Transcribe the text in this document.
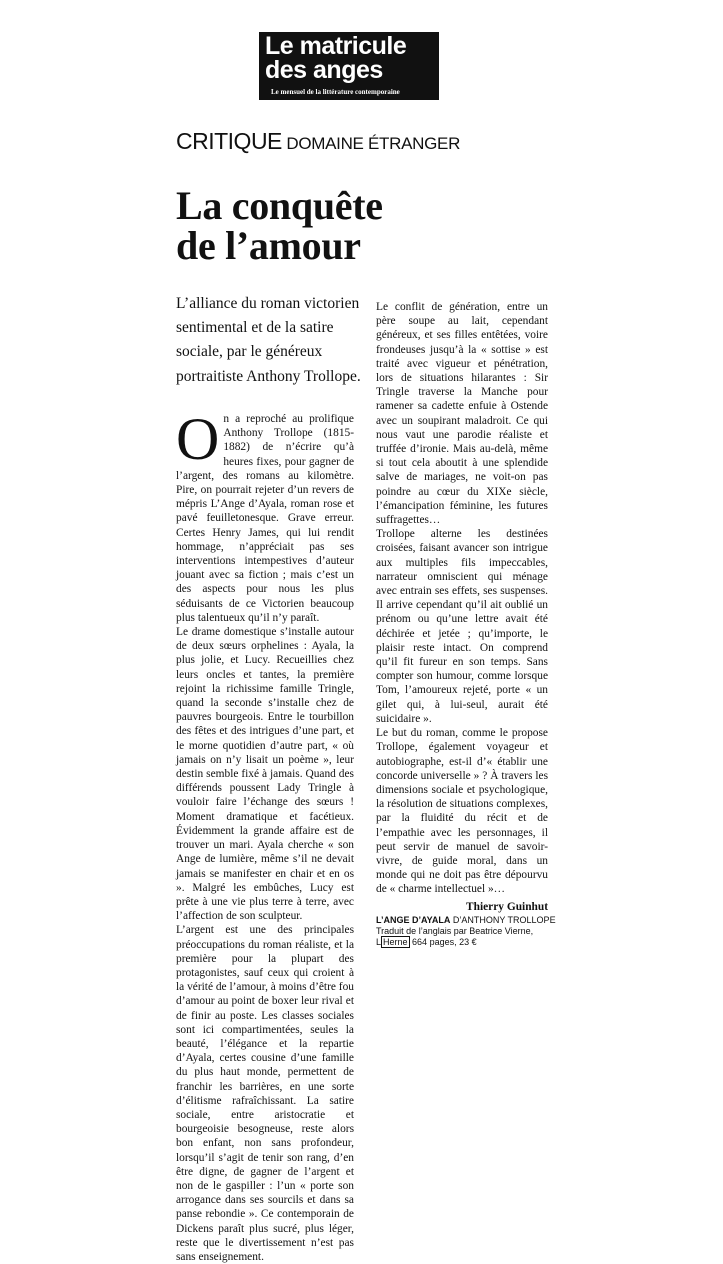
Le matricule
des anges
Le mensuel de la littérature contemporaine
CRITIQUE DOMAINE ÉTRANGER
La conquête
de l’amour
L’alliance du roman victorien sentimental et de la satire sociale, par le généreux portraitiste Anthony Trollope.

On a reproché au prolifique Anthony Trollope (1815-1882) de n’écrire qu’à heures fixes, pour gagner de l’argent, des romans au kilomètre. Pire, on pourrait rejeter d’un revers de mépris L’Ange d’Ayala, roman rose et pavé feuilletonesque. Grave erreur. Certes Henry James, qui lui rendit hommage, n’appréciait pas ses interventions intempestives d’auteur jouant avec sa fiction ; mais c’est un des aspects pour nous les plus séduisants de ce Victorien beaucoup plus talentueux qu’il n’y paraît.

Le drame domestique s’installe autour de deux sœurs orphelines : Ayala, la plus jolie, et Lucy. Recueillies chez leurs oncles et tantes, la première rejoint la richissime famille Tringle, quand la seconde s’installe chez de pauvres bourgeois. Entre le tourbillon des fêtes et des intrigues d’une part, et le morne quotidien d’autre part, « où jamais on n’y lisait un poème », leur destin semble fixé à jamais. Quand des différends poussent Lady Tringle à vouloir faire l’échange des sœurs ! Moment dramatique et facétieux. Évidemment la grande affaire est de trouver un mari. Ayala cherche « son Ange de lumière, même s’il ne devait jamais se manifester en chair et en os ». Malgré les embûches, Lucy est prête à une vie plus terre à terre, avec l’affection de son sculpteur.

L’argent est une des principales préoccupations du roman réaliste, et la première pour la plupart des protagonistes, sauf ceux qui croient à la vérité de l’amour, à moins d’être fou d’amour au point de boxer leur rival et de finir au poste. Les classes sociales sont ici compartimentées, seules la beauté, l’élégance et la repartie d’Ayala, certes cousine d’une famille du plus haut monde, permettent de franchir les barrières, en une sorte d’élitisme rafraîchissant. La satire sociale, entre aristocratie et bourgeoisie besogneuse, reste alors bon enfant, non sans profondeur, lorsqu’il s’agit de tenir son rang, d’en être digne, de gagner de l’argent et non de le gaspiller : l’un « porte son arrogance dans ses sourcils et dans sa panse rebondie ». Ce contemporain de Dickens paraît plus sucré, plus léger, reste que le divertissement n’est pas sans enseignement.

Le conflit de génération, entre un père soupe au lait, cependant généreux, et ses filles entêtées, voire frondeuses jusqu’à la « sottise » est traité avec vigueur et pénétration, lors de situations hilarantes : Sir Tringle traverse la Manche pour ramener sa cadette enfuie à Ostende avec un soupirant maladroit. Ce qui nous vaut une parodie réaliste et truffée d’ironie. Mais au-delà, même si tout cela aboutit à une splendide salve de mariages, ne voit-on pas poindre au cœur du XIXe siècle, l’émancipation féminine, les futures suffragettes…

Trollope alterne les destinées croisées, faisant avancer son intrigue aux multiples fils impeccables, narrateur omniscient qui ménage avec entrain ses effets, ses suspenses. Il arrive cependant qu’il ait oublié un prénom ou qu’une lettre avait été déchirée et jetée ; qu’importe, le plaisir reste intact. On comprend qu’il fit fureur en son temps. Sans compter son humour, comme lorsque Tom, l’amoureux rejeté, porte « un gilet qui, à lui-seul, aurait été suicidaire ».

Le but du roman, comme le propose Trollope, également voyageur et autobiographe, est-il d’« établir une concorde universelle » ? À travers les dimensions sociale et psychologique, la résolution de situations complexes, par la fluidité du récit et de l’empathie avec les personnages, il peut servir de manuel de savoir-vivre, de guide moral, dans un monde qui ne doit pas être dépourvu de « charme intellectuel »…

Thierry Guinhut
L’ANGE D’AYALA D’ANTHONY TROLLOPE
Traduit de l’anglais par Beatrice Vierne,
L Herne 664 pages, 23 €
